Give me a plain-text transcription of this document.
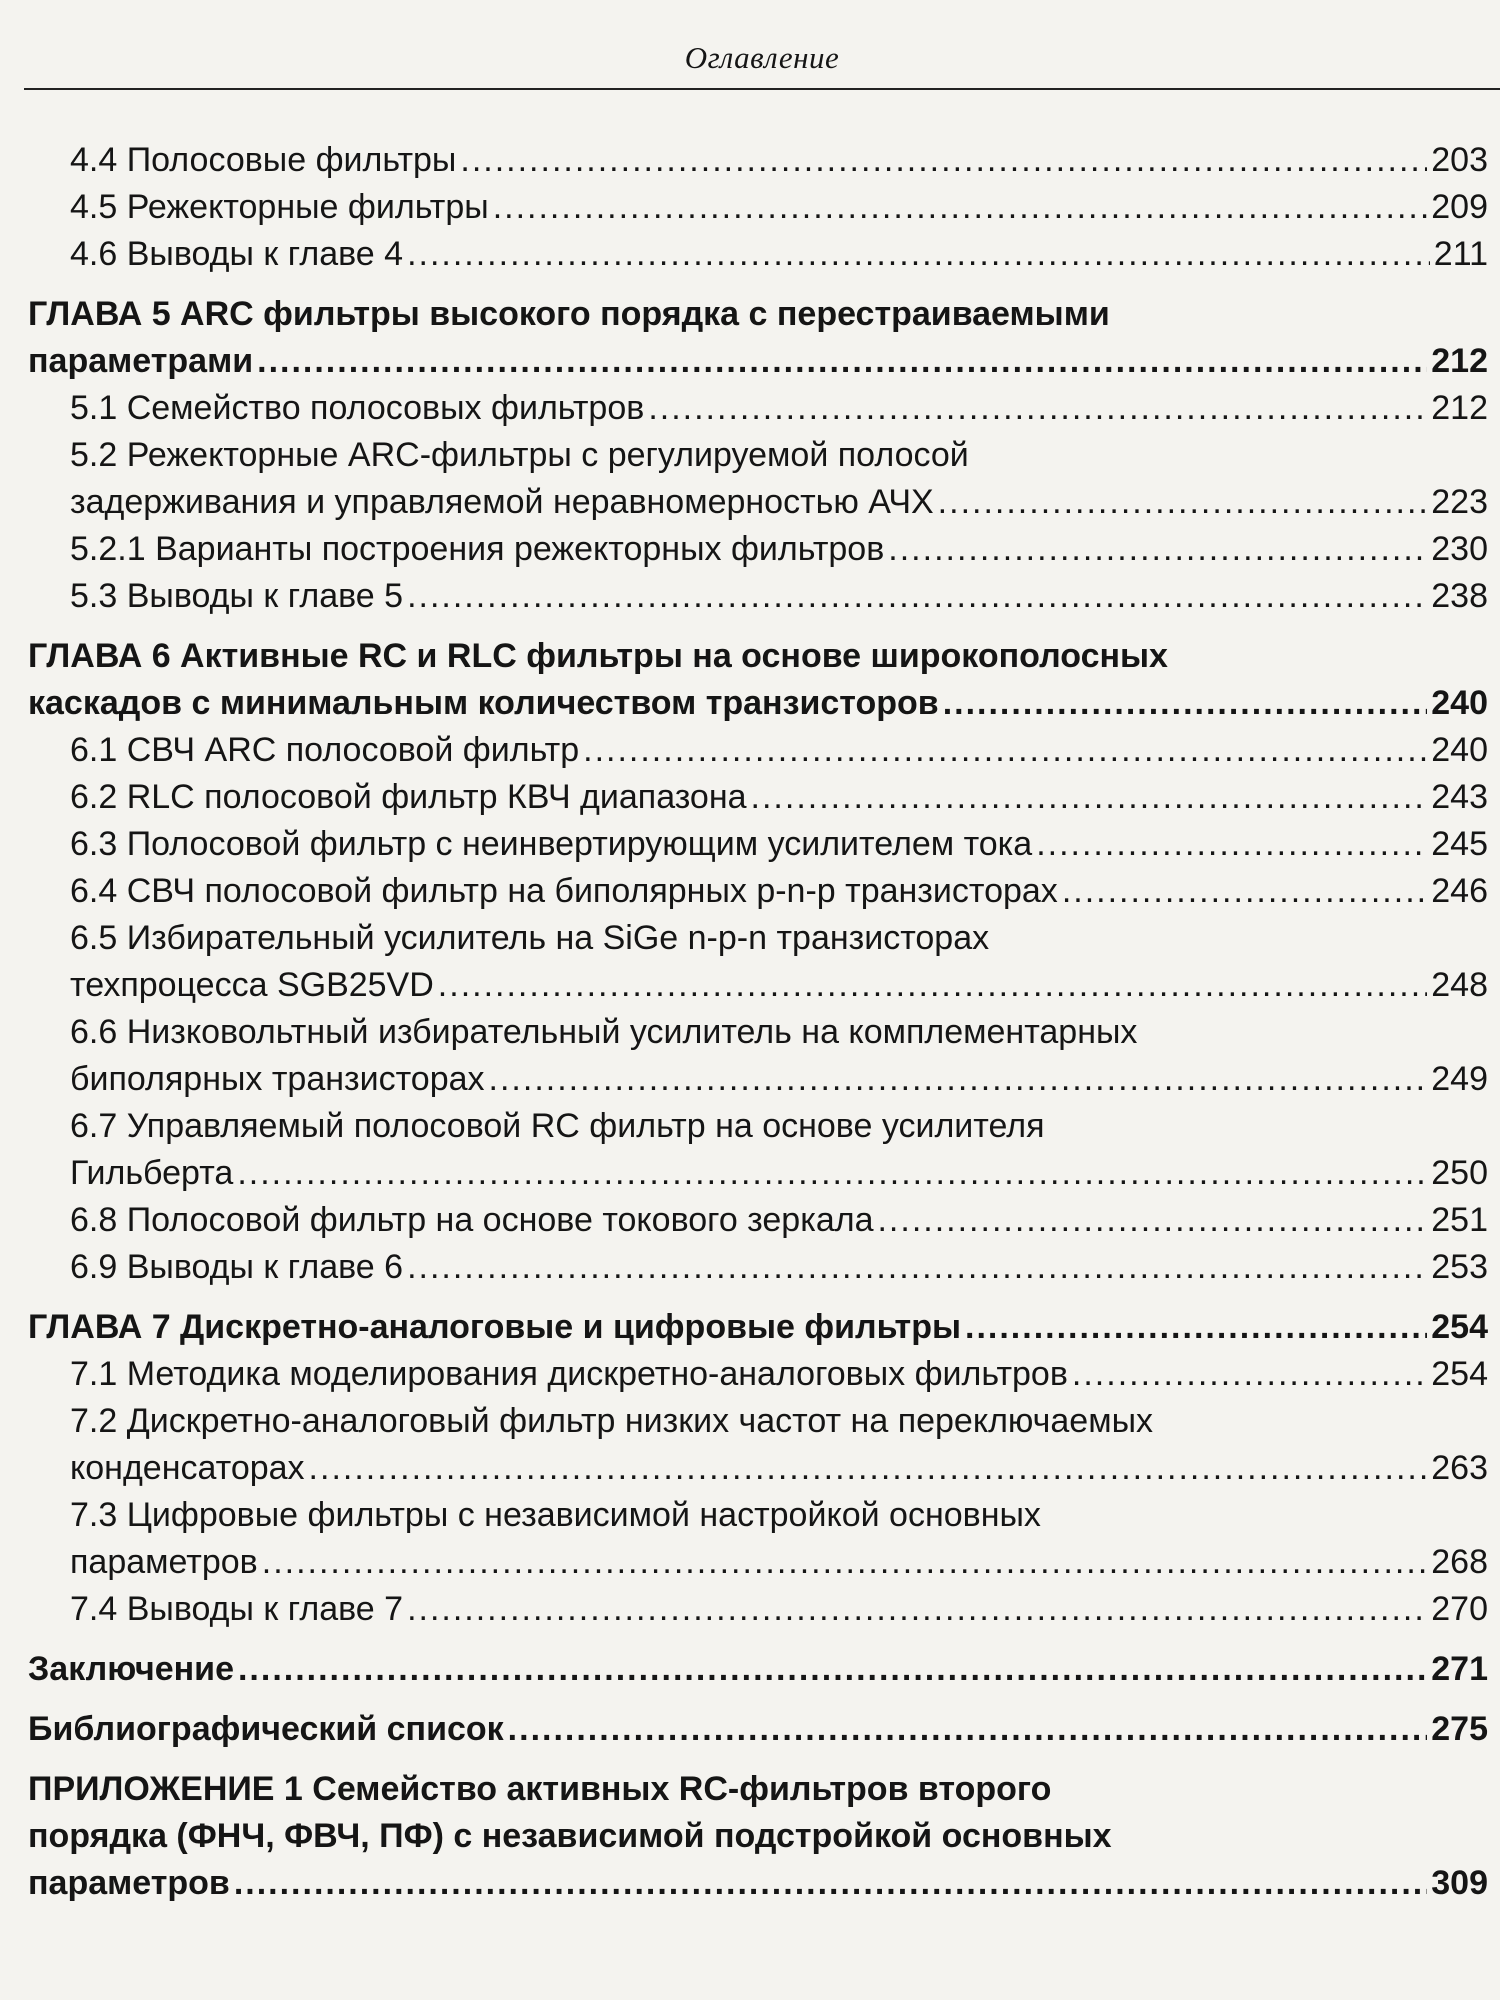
Оглавление
4.4 Полосовые фильтры .....	203
4.5 Режекторные фильтры .....	209
4.6 Выводы к главе 4 .....	211
ГЛАВА 5 ARC фильтры высокого порядка с перестраиваемыми
параметрами .....	212
5.1 Семейство полосовых фильтров .....	212
5.2 Режекторные ARC-фильтры с регулируемой полосой
задерживания и управляемой неравномерностью АЧХ .....	223
5.2.1 Варианты построения режекторных фильтров .....	230
5.3 Выводы к главе 5 .....	238
ГЛАВА 6 Активные RC и RLC фильтры на основе широкополосных
каскадов с минимальным количеством транзисторов .....	240
6.1 СВЧ ARC полосовой фильтр .....	240
6.2 RLC полосовой фильтр КВЧ диапазона .....	243
6.3 Полосовой фильтр с неинвертирующим усилителем тока .....	245
6.4 СВЧ полосовой фильтр на биполярных p-n-p транзисторах .....	246
6.5 Избирательный усилитель на SiGe n-p-n транзисторах
техпроцесса SGB25VD .....	248
6.6 Низковольтный избирательный усилитель на комплементарных
биполярных транзисторах .....	249
6.7 Управляемый полосовой RC фильтр на основе усилителя
Гильберта .....	250
6.8 Полосовой фильтр на основе токового зеркала .....	251
6.9 Выводы к главе 6 .....	253
ГЛАВА 7 Дискретно-аналоговые и цифровые фильтры .....	254
7.1 Методика моделирования дискретно-аналоговых фильтров .....	254
7.2 Дискретно-аналоговый фильтр низких частот на переключаемых
конденсаторах .....	263
7.3 Цифровые фильтры с независимой настройкой основных
параметров .....	268
7.4 Выводы к главе 7 .....	270
Заключение .....	271
Библиографический список .....	275
ПРИЛОЖЕНИЕ 1 Семейство активных RC-фильтров второго
порядка (ФНЧ, ФВЧ, ПФ) с независимой подстройкой основных
параметров .....	309
